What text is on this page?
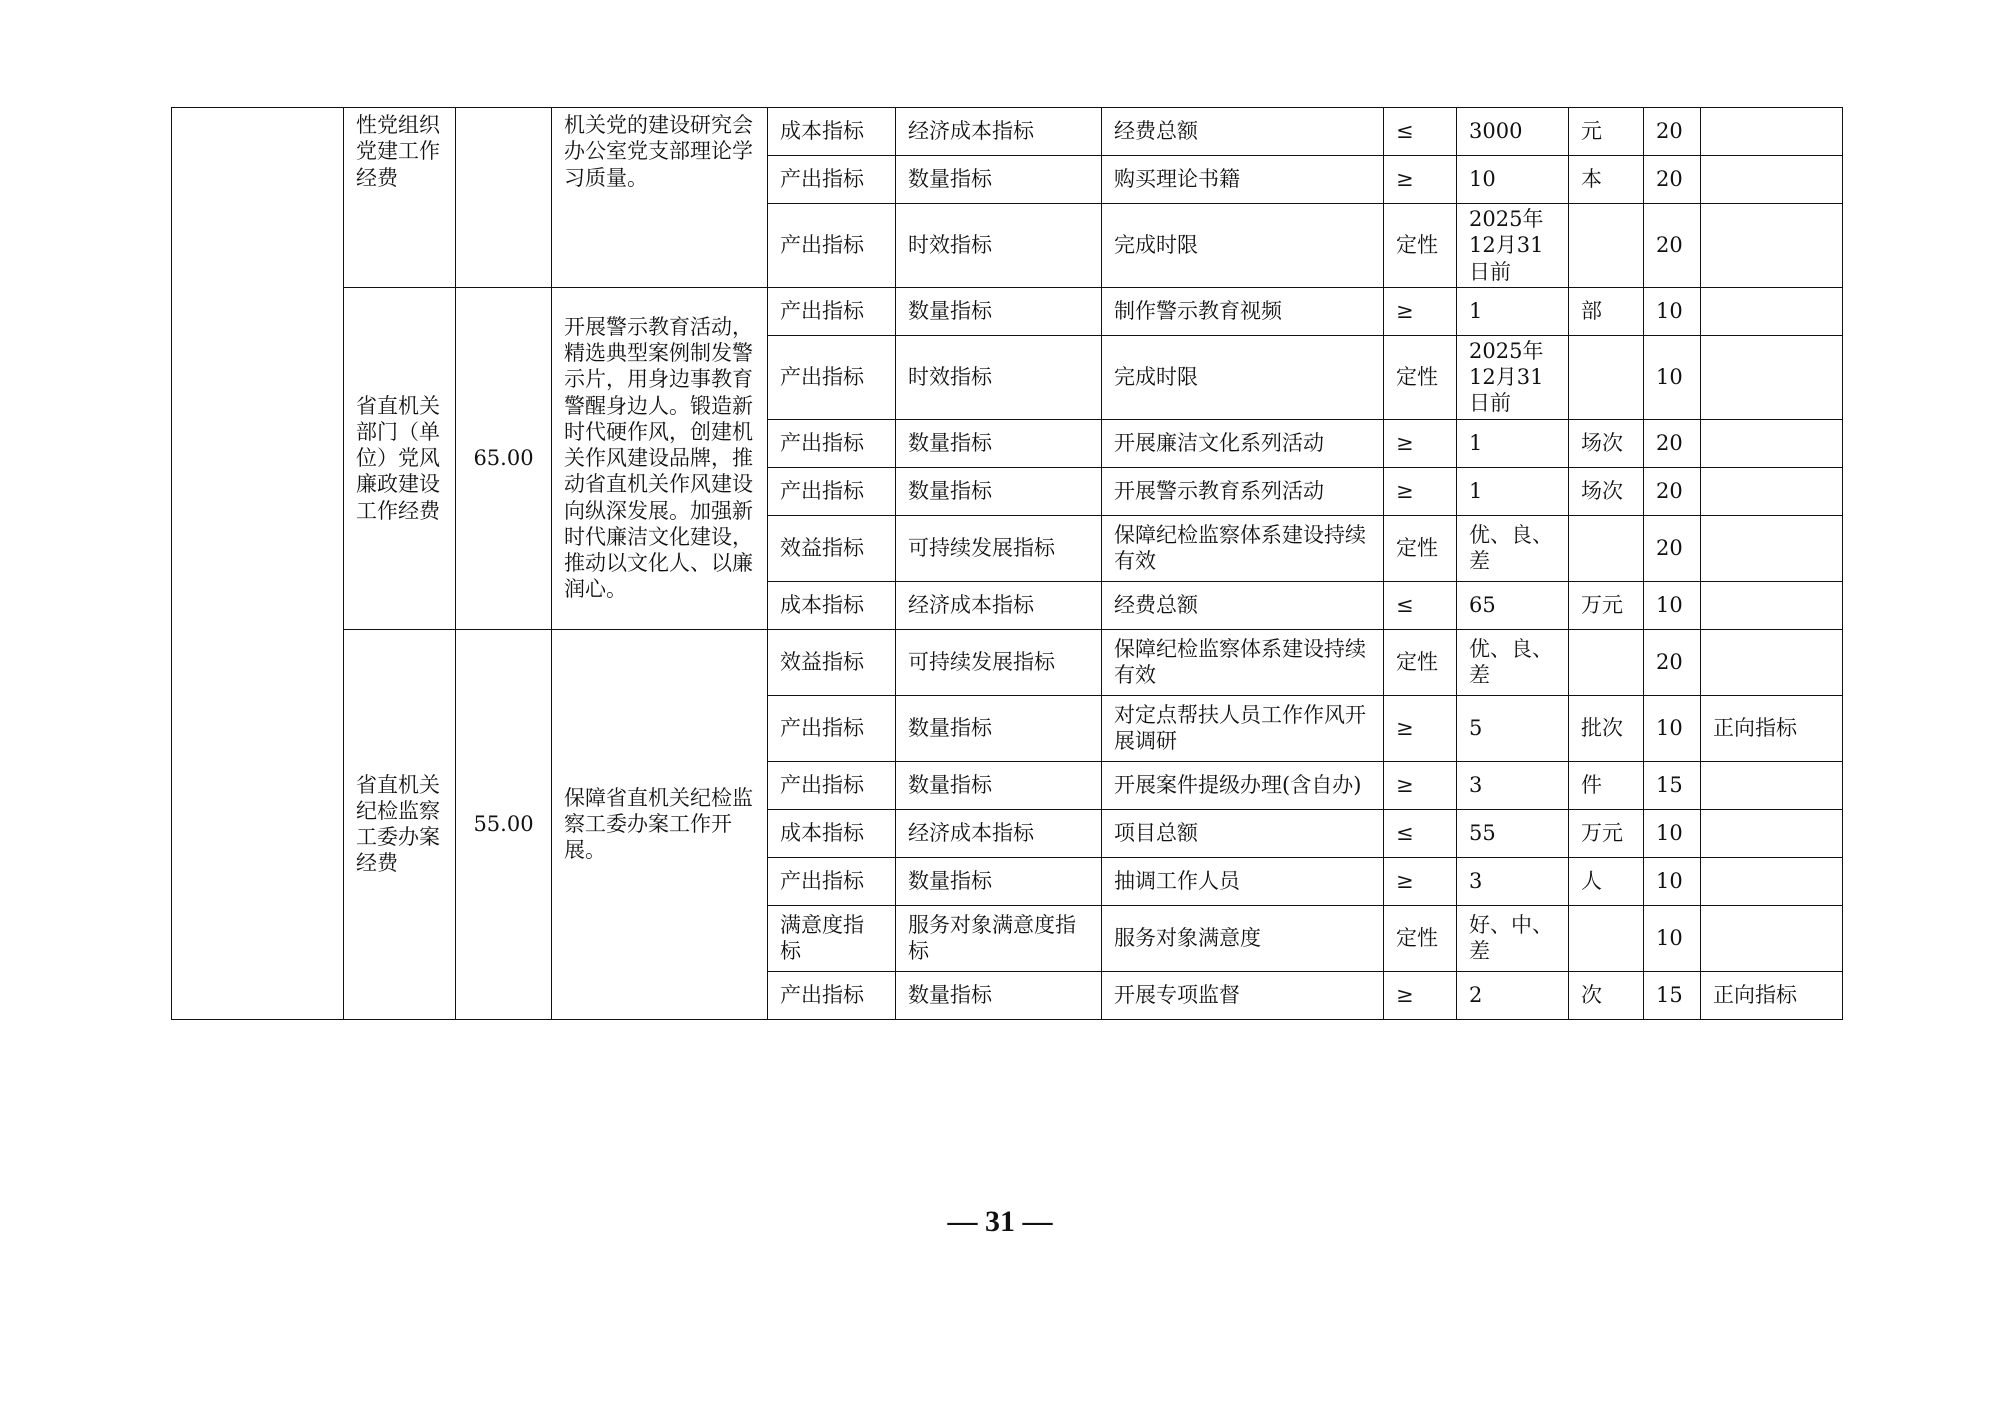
	性党组织党建工作经费		机关党的建设研究会办公室党支部理论学习质量。	成本指标	经济成本指标	经费总额	≤	3000	元	20	
				产出指标	数量指标	购买理论书籍	≥	10	本	20	
				产出指标	时效指标	完成时限	定性	2025年12月31日前		20	
	省直机关部门（单位）党风廉政建设工作经费	65.00	开展警示教育活动，精选典型案例制发警示片，用身边事教育警醒身边人。锻造新时代硬作风，创建机关作风建设品牌，推动省直机关作风建设向纵深发展。加强新时代廉洁文化建设，推动以文化人、以廉润心。	产出指标	数量指标	制作警示教育视频	≥	1	部	10	
				产出指标	时效指标	完成时限	定性	2025年12月31日前		10	
				产出指标	数量指标	开展廉洁文化系列活动	≥	1	场次	20	
				产出指标	数量指标	开展警示教育系列活动	≥	1	场次	20	
				效益指标	可持续发展指标	保障纪检监察体系建设持续有效	定性	优、良、差		20	
				成本指标	经济成本指标	经费总额	≤	65	万元	10	
	省直机关纪检监察工委办案经费	55.00	保障省直机关纪检监察工委办案工作开展。	效益指标	可持续发展指标	保障纪检监察体系建设持续有效	定性	优、良、差		20	
				产出指标	数量指标	对定点帮扶人员工作作风开展调研	≥	5	批次	10	正向指标
				产出指标	数量指标	开展案件提级办理(含自办)	≥	3	件	15	
				成本指标	经济成本指标	项目总额	≤	55	万元	10	
				产出指标	数量指标	抽调工作人员	≥	3	人	10	
				满意度指标	服务对象满意度指标	服务对象满意度	定性	好、中、差		10	
				产出指标	数量指标	开展专项监督	≥	2	次	15	正向指标
— 31 —
